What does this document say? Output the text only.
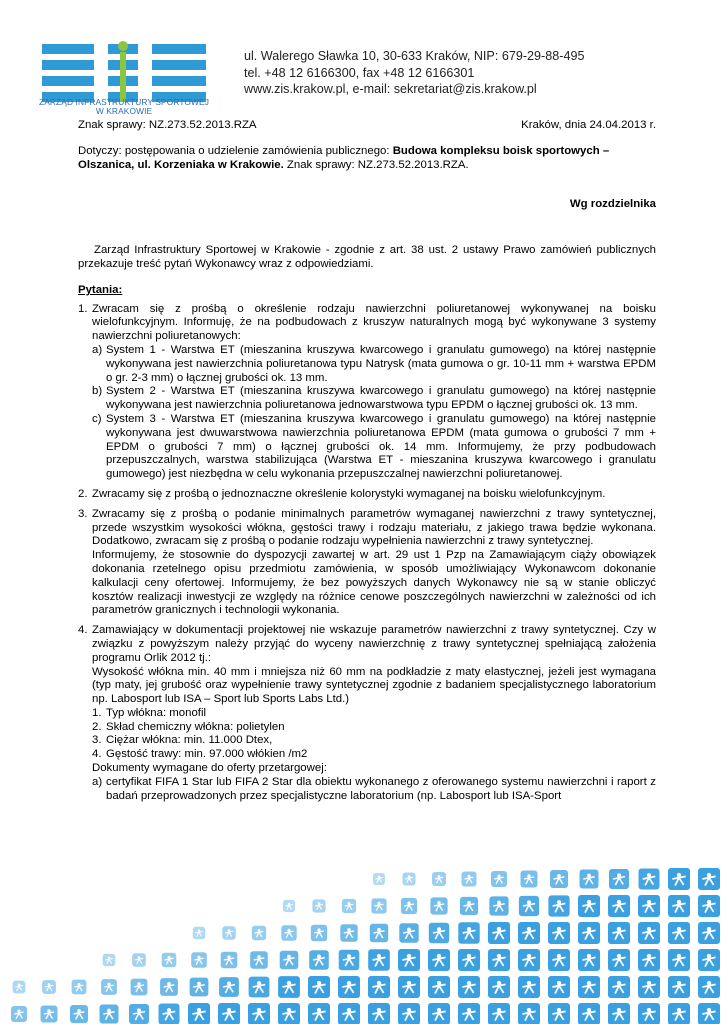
ZARZĄD INFRASTRUKTURY SPORTOWEJ
W KRAKOWIE
ul. Walerego Sławka 10, 30-633 Kraków, NIP: 679-29-88-495
tel. +48 12 6166300, fax +48 12 6166301
www.zis.krakow.pl, e-mail: sekretariat@zis.krakow.pl
Znak sprawy: NZ.273.52.2013.RZA	Kraków, dnia 24.04.2013 r.

Dotyczy: postępowania o udzielenie zamówienia publicznego: Budowa kompleksu boisk sportowych – Olszanica, ul. Korzeniaka w Krakowie. Znak sprawy: NZ.273.52.2013.RZA.

Wg rozdzielnika

Zarząd Infrastruktury Sportowej w Krakowie - zgodnie z art. 38 ust. 2 ustawy Prawo zamówień publicznych przekazuje treść pytań Wykonawcy wraz z odpowiedziami.

Pytania:

1. Zwracam się z prośbą o określenie rodzaju nawierzchni poliuretanowej wykonywanej na boisku wielofunkcyjnym. Informuję, że na podbudowach z kruszyw naturalnych mogą być wykonywane 3 systemy nawierzchni poliuretanowych:

a) System 1 - Warstwa ET (mieszanina kruszywa kwarcowego i granulatu gumowego) na której następnie wykonywana jest nawierzchnia poliuretanowa typu Natrysk (mata gumowa o gr. 10-11 mm + warstwa EPDM o gr. 2-3 mm) o łącznej grubości ok. 13 mm.
b) System 2 - Warstwa ET (mieszanina kruszywa kwarcowego i granulatu gumowego) na której następnie wykonywana jest nawierzchnia poliuretanowa jednowarstwowa typu EPDM o łącznej grubości ok. 13 mm.
c) System 3 - Warstwa ET (mieszanina kruszywa kwarcowego i granulatu gumowego) na której następnie wykonywana jest dwuwarstwowa nawierzchnia poliuretanowa EPDM (mata gumowa o grubości 7 mm + EPDM o grubości 7 mm) o łącznej grubości ok. 14 mm. Informujemy, że przy podbudowach przepuszczalnych, warstwa stabilizująca (Warstwa ET - mieszanina kruszywa kwarcowego i granulatu gumowego) jest niezbędna w celu wykonania przepuszczalnej nawierzchni poliuretanowej.
2. Zwracamy się z prośbą o jednoznaczne określenie kolorystyki wymaganej na boisku wielofunkcyjnym.

3. Zwracamy się z prośbą o podanie minimalnych parametrów wymaganej nawierzchni z trawy syntetycznej, przede wszystkim wysokości włókna, gęstości trawy i rodzaju materiału, z jakiego trawa będzie wykonana. Dodatkowo, zwracam się z prośbą o podanie rodzaju wypełnienia nawierzchni z trawy syntetycznej.

Informujemy, że stosownie do dyspozycji zawartej w art. 29 ust 1 Pzp na Zamawiającym ciąży obowiązek dokonania rzetelnego opisu przedmiotu zamówienia, w sposób umożliwiający Wykonawcom dokonanie kalkulacji ceny ofertowej. Informujemy, że bez powyższych danych Wykonawcy nie są w stanie obliczyć kosztów realizacji inwestycji ze względy na różnice cenowe poszczególnych nawierzchni w zależności od ich parametrów granicznych i technologii wykonania.

4. Zamawiający w dokumentacji projektowej nie wskazuje parametrów nawierzchni z trawy syntetycznej. Czy w związku z powyższym należy przyjąć do wyceny nawierzchnię z trawy syntetycznej spełniającą założenia programu Orlik 2012 tj.:

Wysokość włókna min. 40 mm i mniejsza niż 60 mm na podkładzie z maty elastycznej, jeżeli jest wymagana (typ maty, jej grubość oraz wypełnienie trawy syntetycznej zgodnie z badaniem specjalistycznego laboratorium np. Labosport lub ISA – Sport lub Sports Labs Ltd.)

1. Typ włókna: monofil
2. Skład chemiczny włókna: polietylen
3. Ciężar włókna: min. 11.000 Dtex,
4. Gęstość trawy: min. 97.000 włókien /m2

Dokumenty wymagane do oferty przetargowej:

a) certyfikat FIFA 1 Star lub FIFA 2 Star dla obiektu wykonanego z oferowanego systemu nawierzchni i raport z badań przeprowadzonych przez specjalistyczne laboratorium (np. Labosport lub ISA-Sport
